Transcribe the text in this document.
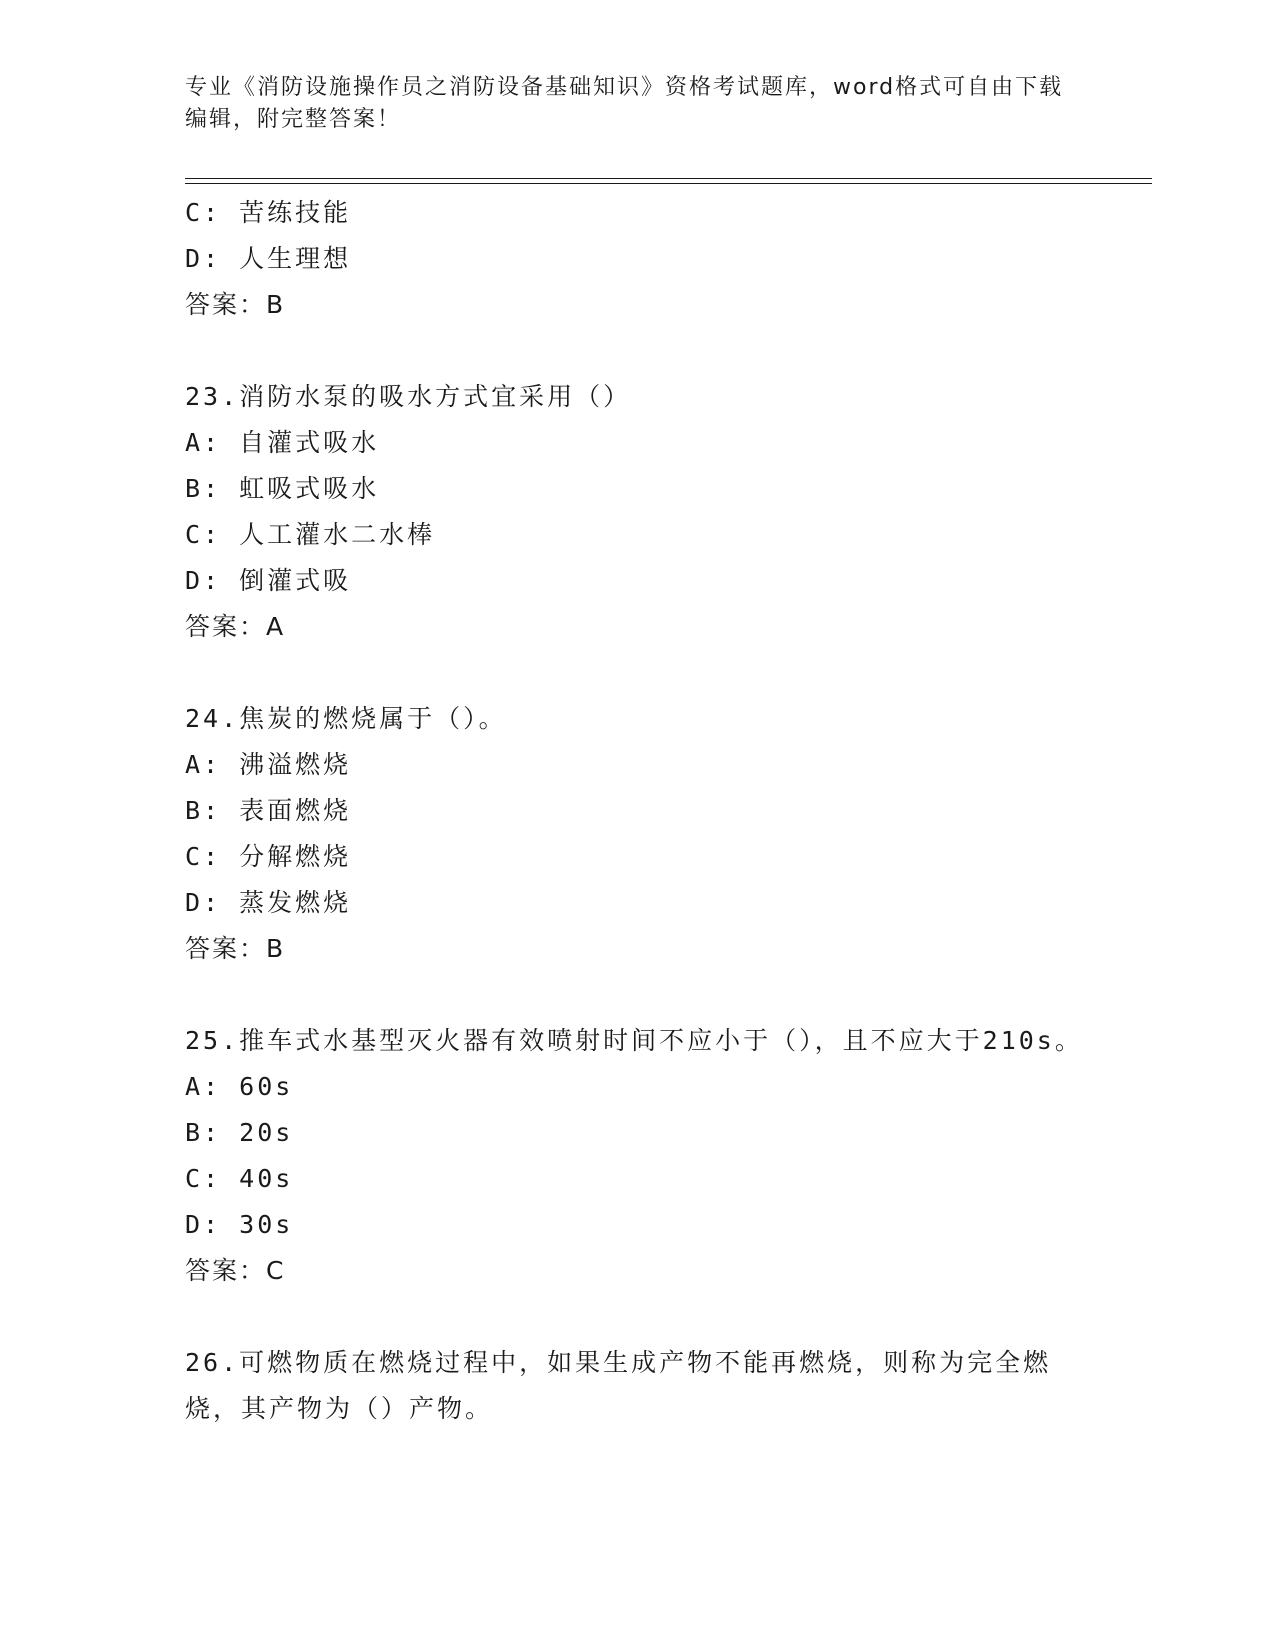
专业《消防设施操作员之消防设备基础知识》资格考试题库，word格式可自由下载编辑，附完整答案！
C: 苦练技能
D: 人生理想
答案：B
23.消防水泵的吸水方式宜采用（）
A: 自灌式吸水
B: 虹吸式吸水
C: 人工灌水二水棒
D: 倒灌式吸
答案：A
24.焦炭的燃烧属于（）。
A: 沸溢燃烧
B: 表面燃烧
C: 分解燃烧
D: 蒸发燃烧
答案：B
25.推车式水基型灭火器有效喷射时间不应小于（），且不应大于210s。
A: 60s
B: 20s
C: 40s
D: 30s
答案：C
26.可燃物质在燃烧过程中，如果生成产物不能再燃烧，则称为完全燃烧，其产物为（）产物。
